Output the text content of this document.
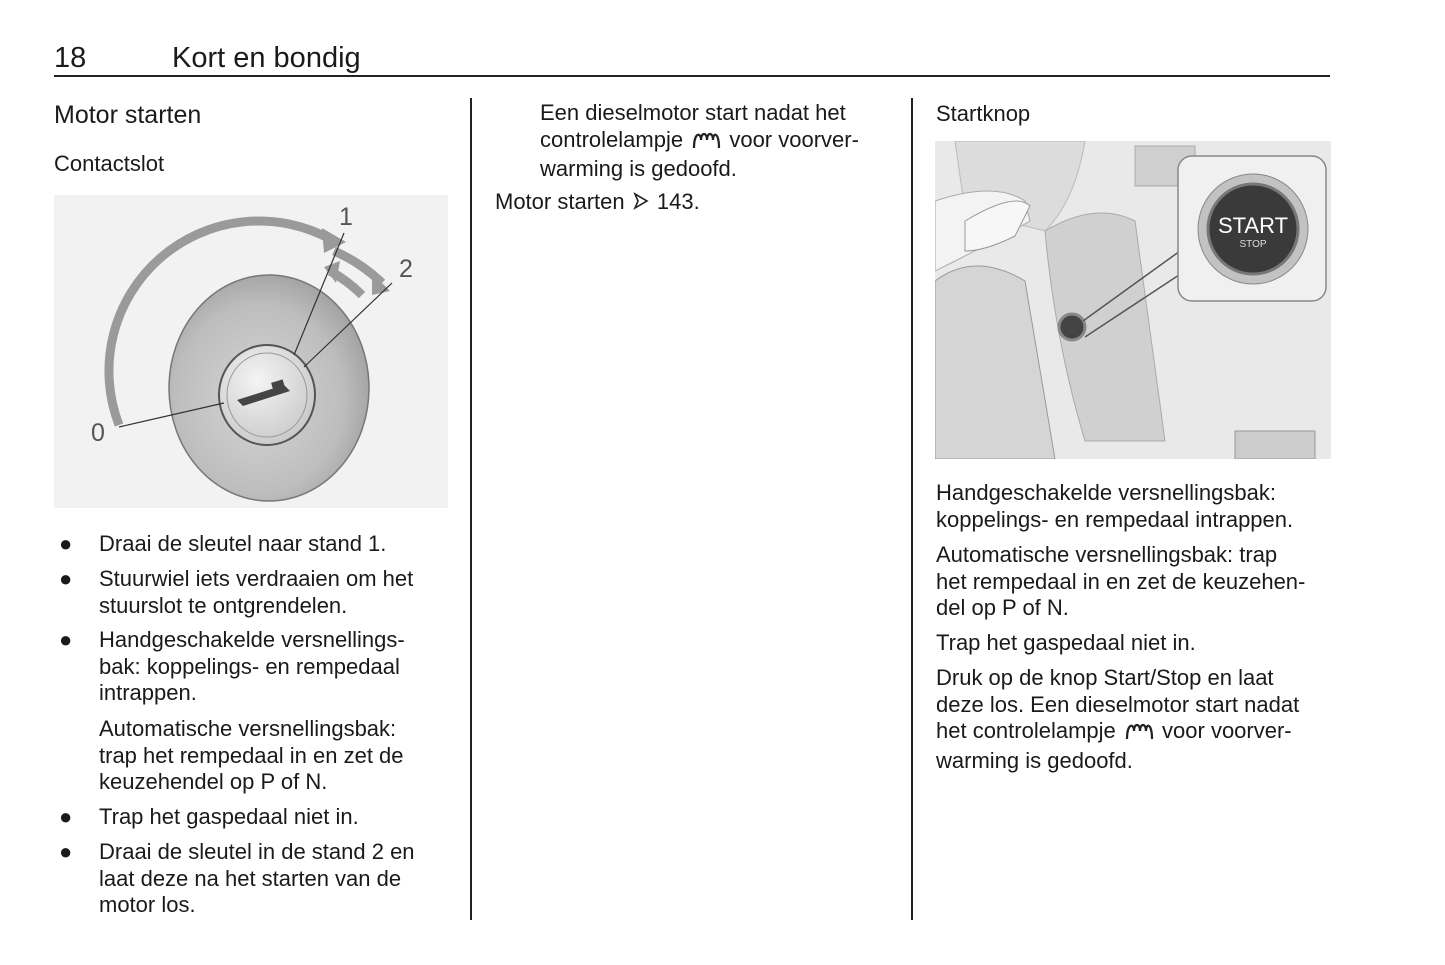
18	Kort en bondig
Motor starten
Contactslot
1
2
0
● Draai de sleutel naar stand 1.
● Stuurwiel iets verdraaien om het
stuurslot te ontgrendelen.
● Handgeschakelde versnellings-
bak: koppelings- en rempedaal
intrappen.
Automatische versnellingsbak:
trap het rempedaal in en zet de
keuzehendel op P of N.
● Trap het gaspedaal niet in.
● Draai de sleutel in de stand 2 en
laat deze na het starten van de
motor los.
Een dieselmotor start nadat het
controlelampje voor voorver-
warming is gedoofd.
Motor starten 143.
Startknop
START
STOP
Handgeschakelde versnellingsbak:
koppelings- en rempedaal intrappen.
Automatische versnellingsbak: trap
het rempedaal in en zet de keuzehen-
del op P of N.
Trap het gaspedaal niet in.
Druk op de knop Start/Stop en laat
deze los. Een dieselmotor start nadat
het controlelampje voor voorver-
warming is gedoofd.
